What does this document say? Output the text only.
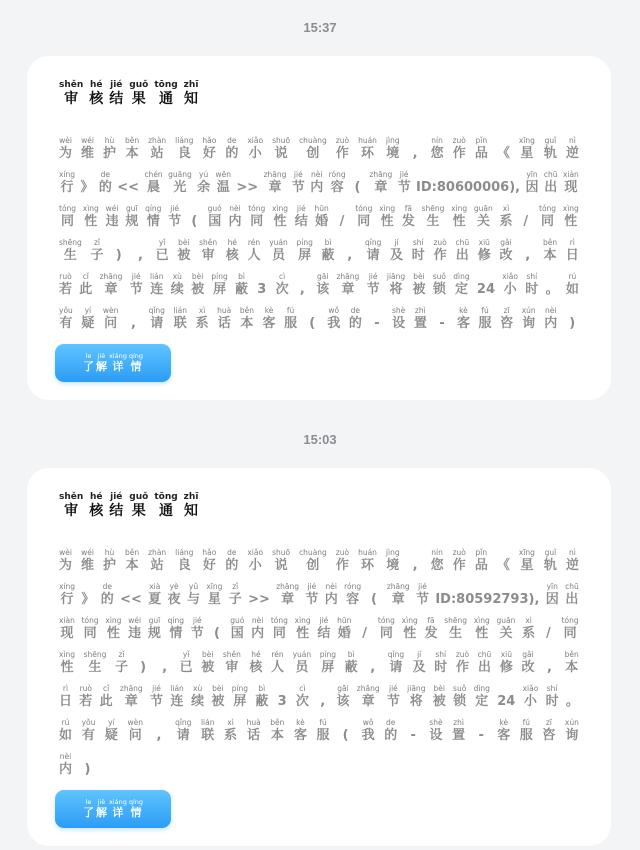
15:37
shěn
审
hé
核
jié
结
guǒ
果
tōng
通
zhī
知
wèi
为
wéi
维
hù
护
běn
本
zhàn
站
liáng
良
hǎo
好
de
的
xiǎo
小
shuō
说
chuàng
创
zuò
作
huán
环
jìng
境 ,
nín
您
zuò
作
pǐn
品 《
xīng
星
guǐ
轨
nì
逆
xíng
行 》
de
的 <<
chén
晨
guāng
光
yú
余
wēn
温 >>
zhāng
章
jié
节
nèi
内
róng
容 (
zhāng
章
jié
节 ID:80600006),
yīn
因
chū
出
xiàn
现
tóng
同
xìng
性
wéi
违
guī
规
qíng
情
jié
节 (
guó
国
nèi
内
tóng
同
xìng
性
jié
结
hūn
婚 /
tóng
同
xìng
性
fā
发
shēng
生
xìng
性
guān
关
xì
系 /
tóng
同
xìng
性
shēng
生
zǐ
子 ) ,
yǐ
已
bèi
被
shěn
审
hé
核
rén
人
yuán
员
píng
屏
bì
蔽 ,
qǐng
请
jí
及
shí
时
zuò
作
chū
出
xiū
修
gǎi
改 ,
běn
本
rì
日
ruò
若
cǐ
此
zhāng
章
jié
节
lián
连
xù
续
bèi
被
píng
屏
bì
蔽 3
cì
次 ,
gāi
该
zhāng
章
jié
节
jiāng
将
bèi
被
suǒ
锁
dìng
定 24
xiǎo
小
shí
时 。
rú
如
yǒu
有
yí
疑
wèn
问 ,
qǐng
请
lián
联
xì
系
huà
话
běn
本
kè
客
fú
服 (
wǒ
我
de
的 -
shè
设
zhì
置 -
kè
客
fú
服
zī
咨
xún
询
nèi
内 )
le
了
jiě
解
xiáng
详
qíng
情
15:03
shěn
审
hé
核
jié
结
guǒ
果
tōng
通
zhī
知
wèi
为
wéi
维
hù
护
běn
本
zhàn
站
liáng
良
hǎo
好
de
的
xiǎo
小
shuō
说
chuàng
创
zuò
作
huán
环
jìng
境 ,
nín
您
zuò
作
pǐn
品 《
xīng
星
guǐ
轨
nì
逆
xíng
行 》
de
的 <<
xià
夏
yè
夜
yǔ
与
xīng
星
zǐ
子 >>
zhāng
章
jié
节
nèi
内
róng
容 (
zhāng
章
jié
节 ID:80592793),
yīn
因
chū
出
xiàn
现
tóng
同
xìng
性
wéi
违
guī
规
qíng
情
jié
节 (
guó
国
nèi
内
tóng
同
xìng
性
jié
结
hūn
婚 /
tóng
同
xìng
性
fā
发
shēng
生
xìng
性
guān
关
xì
系 /
tóng
同
xìng
性
shēng
生
zǐ
子 ) ,
yǐ
已
bèi
被
shěn
审
hé
核
rén
人
yuán
员
píng
屏
bì
蔽 ,
qǐng
请
jí
及
shí
时
zuò
作
chū
出
xiū
修
gǎi
改 ,
běn
本
rì
日
ruò
若
cǐ
此
zhāng
章
jié
节
lián
连
xù
续
bèi
被
píng
屏
bì
蔽 3
cì
次 ,
gāi
该
zhāng
章
jié
节
jiāng
将
bèi
被
suǒ
锁
dìng
定 24
xiǎo
小
shí
时 。
rú
如
yǒu
有
yí
疑
wèn
问 ,
qǐng
请
lián
联
xì
系
huà
话
běn
本
kè
客
fú
服 (
wǒ
我
de
的 -
shè
设
zhì
置 -
kè
客
fú
服
zī
咨
xún
询
nèi
内 )
le
了
jiě
解
xiáng
详
qíng
情
